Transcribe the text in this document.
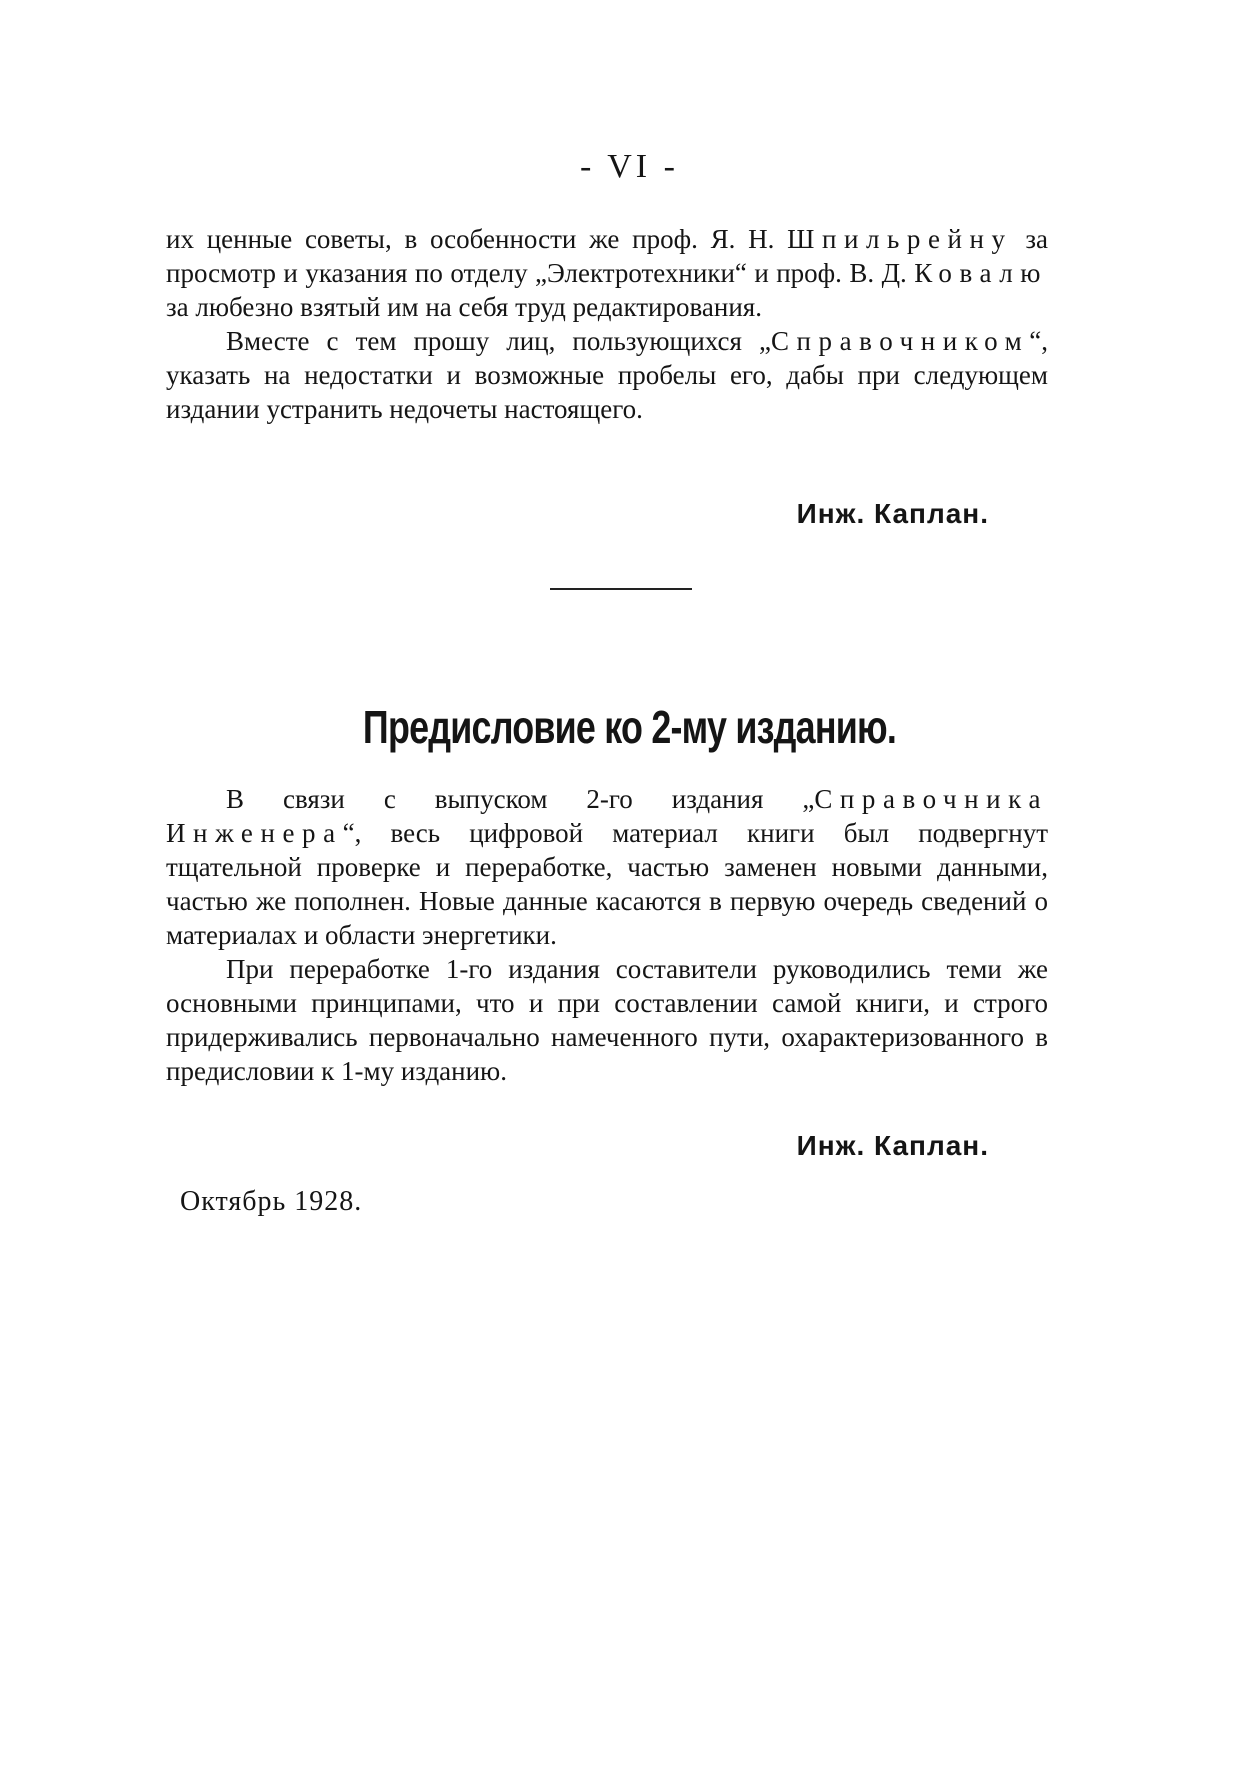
- VI -

их ценные советы, в особенности же проф. Я. Н. Шпильрейну за просмотр и указания по отделу „Электротехники“ и проф. В. Д. Ковалю за любезно взятый им на себя труд редактирования.

Вместе с тем прошу лиц, пользующихся „Справочником“, указать на недостатки и возможные пробелы его, дабы при следующем издании устранить недочеты настоящего.

Инж. Каплан.
Предисловие ко 2-му изданию.

В связи с выпуском 2-го издания „Справочника Инженера“, весь цифровой материал книги был подвергнут тщательной проверке и переработке, частью заменен новыми данными, частью же пополнен. Новые данные касаются в первую очередь сведений о материалах и области энергетики.

При переработке 1-го издания составители руководились теми же основными принципами, что и при составлении самой книги, и строго придерживались первоначально намеченного пути, охарактеризованного в предисловии к 1-му изданию.

Инж. Каплан.
Октябрь 1928.
